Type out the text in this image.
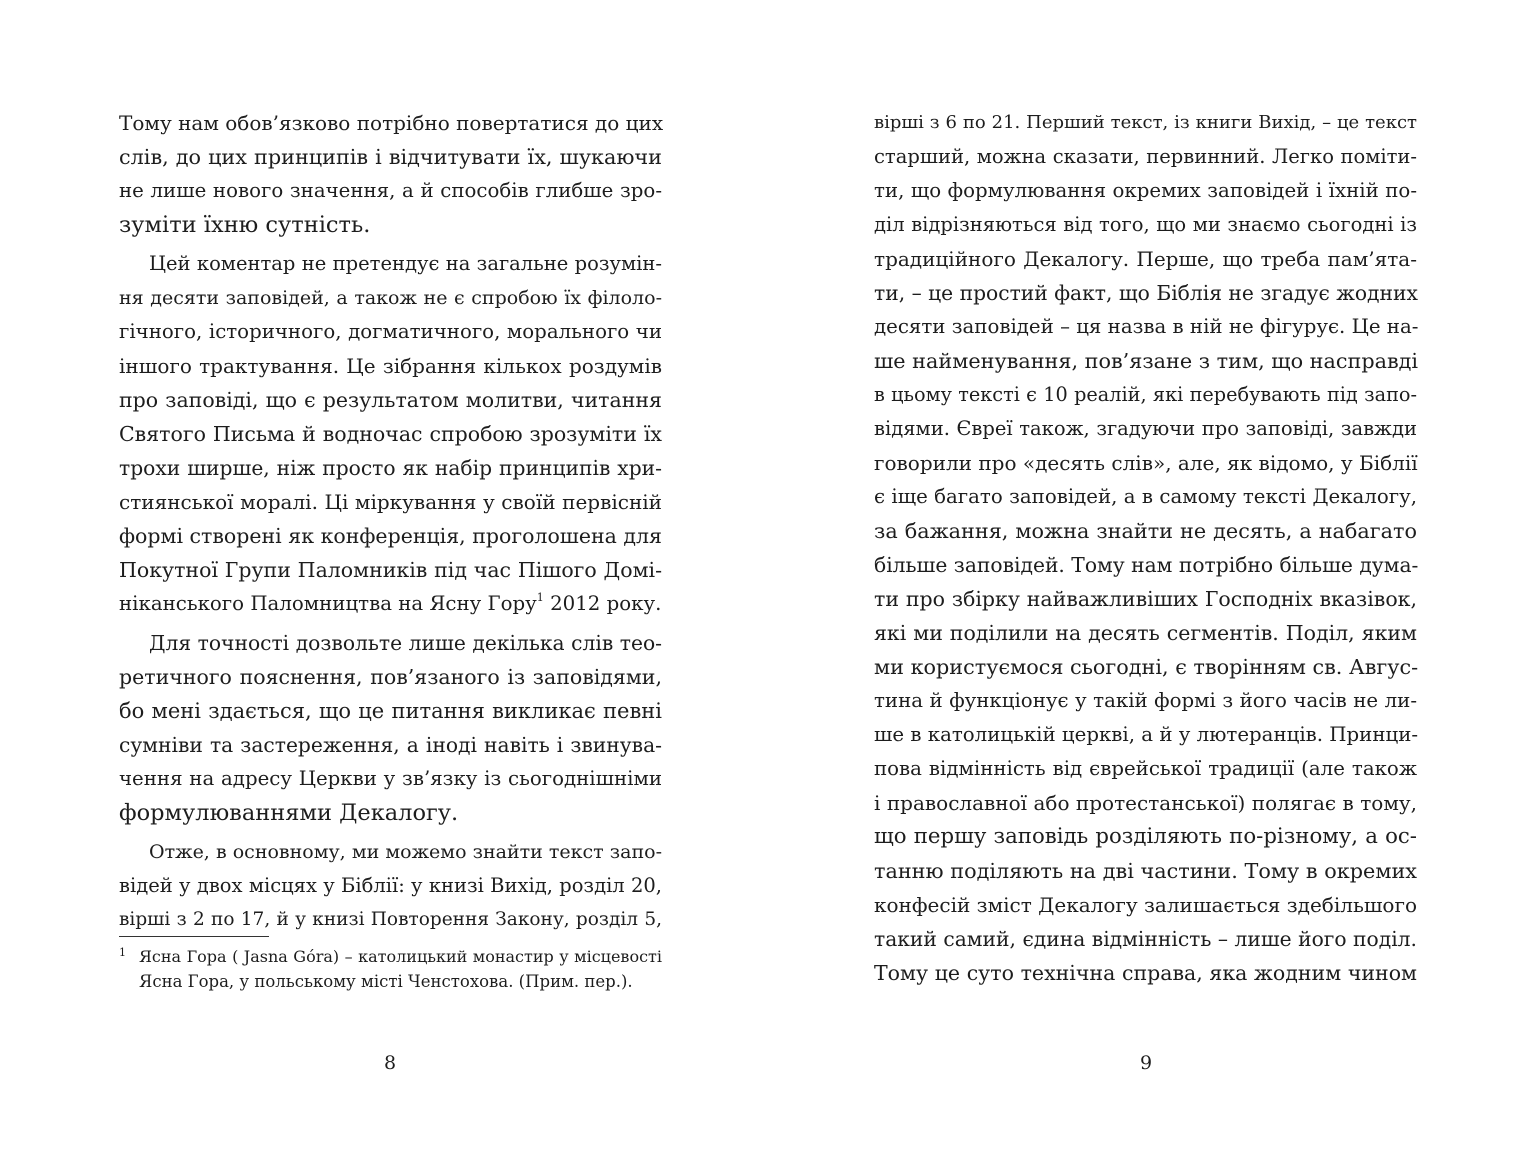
Тому нам обов’язково потрібно повертатися до цих
слів, до цих принципів і відчитувати їх, шукаючи
не лише нового значення, а й способів глибше зро-
зуміти їхню сутність.
Цей коментар не претендує на загальне розумін-
ня десяти заповідей, а також не є спробою їх філоло-
гічного, історичного, догматичного, морального чи
іншого трактування. Це зібрання кількох роздумів
про заповіді, що є результатом молитви, читання
Святого Письма й водночас спробою зрозуміти їх
трохи ширше, ніж просто як набір принципів хри-
стиянської моралі. Ці міркування у своїй первісній
формі створені як конференція, проголошена для
Покутної Групи Паломників під час Пішого Домі-
ніканського Паломництва на Ясну Гору$^1$ 2012 року.
Для точності дозвольте лише декілька слів тео-
ретичного пояснення, пов’язаного із заповідями,
бо мені здається, що це питання викликає певні
сумніви та застереження, а іноді навіть і звинува-
чення на адресу Церкви у зв’язку із сьогоднішніми
формулюваннями Декалогу.
Отже, в основному, ми можемо знайти текст запо-
відей у двох місцях у Біблії: у книзі Вихід, розділ 20,
вірші з 2 по 17, й у книзі Повторення Закону, розділ 5,
1 Ясна Гора ( Jasna Góra) – католицький монастир у місцевості
Ясна Гора, у польському місті Ченстохова. (Прим. пер.).
8
вірші з 6 по 21. Перший текст, із книги Вихід, – це текст
старший, можна сказати, первинний. Легко поміти-
ти, що формулювання окремих заповідей і їхній по-
діл відрізняються від того, що ми знаємо сьогодні із
традиційного Декалогу. Перше, що треба пам’ята-
ти, – це простий факт, що Біблія не згадує жодних
десяти заповідей – ця назва в ній не фігурує. Це на-
ше найменування, пов’язане з тим, що насправді
в цьому тексті є 10 реалій, які перебувають під запо-
відями. Євреї також, згадуючи про заповіді, завжди
говорили про «десять слів», але, як відомо, у Біблії
є іще багато заповідей, а в самому тексті Декалогу,
за бажання, можна знайти не десять, а набагато
більше заповідей. Тому нам потрібно більше дума-
ти про збірку найважливіших Господніх вказівок,
які ми поділили на десять сегментів. Поділ, яким
ми користуємося сьогодні, є творінням св. Авгус-
тина й функціонує у такій формі з його часів не ли-
ше в католицькій церкві, а й у лютеранців. Принци-
пова відмінність від єврейської традиції (але також
і православної або протестанської) полягає в тому,
що першу заповідь розділяють по-різному, а ос-
танню поділяють на дві частини. Тому в окремих
конфесій зміст Декалогу залишається здебільшого
такий самий, єдина відмінність – лише його поділ.
Тому це суто технічна справа, яка жодним чином
9
